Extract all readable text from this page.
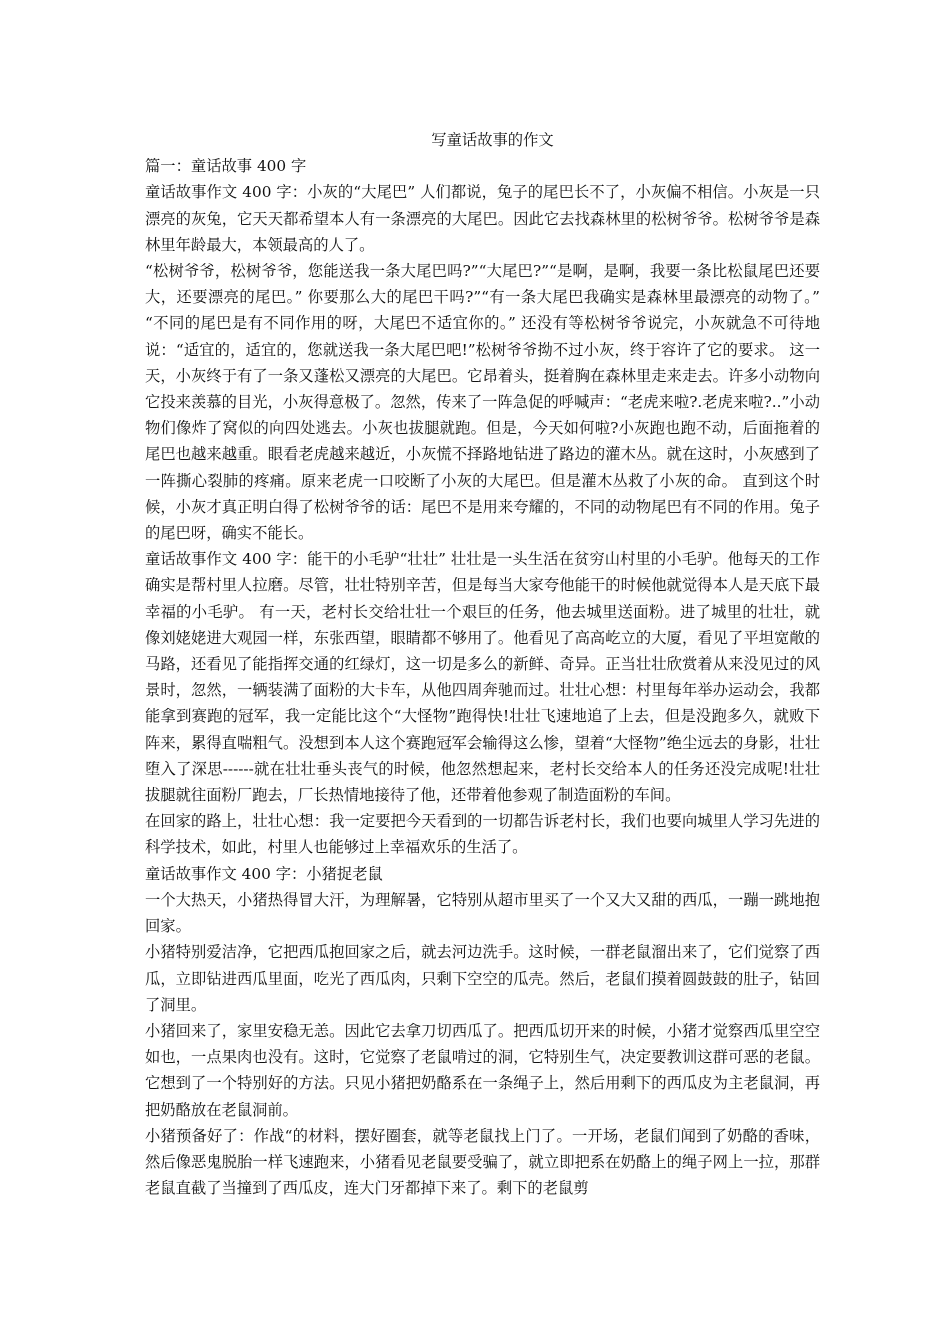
写童话故事的作文

篇一：童话故事 400 字

童话故事作文 400 字：小灰的“大尾巴” 人们都说，兔子的尾巴长不了，小灰偏不相信。小灰是一只漂亮的灰兔，它天天都希望本人有一条漂亮的大尾巴。因此它去找森林里的松树爷爷。松树爷爷是森林里年龄最大，本领最高的人了。

“松树爷爷，松树爷爷，您能送我一条大尾巴吗?”“大尾巴?”“是啊，是啊，我要一条比松鼠尾巴还要大，还要漂亮的尾巴。” 你要那么大的尾巴干吗?”“有一条大尾巴我确实是森林里最漂亮的动物了。” “不同的尾巴是有不同作用的呀，大尾巴不适宜你的。” 还没有等松树爷爷说完，小灰就急不可待地说：“适宜的，适宜的，您就送我一条大尾巴吧!”松树爷爷拗不过小灰，终于容许了它的要求。 这一天，小灰终于有了一条又蓬松又漂亮的大尾巴。它昂着头，挺着胸在森林里走来走去。许多小动物向它投来羡慕的目光，小灰得意极了。忽然，传来了一阵急促的呼喊声：“老虎来啦?.老虎来啦?..”小动物们像炸了窝似的向四处逃去。小灰也拔腿就跑。但是，今天如何啦?小灰跑也跑不动，后面拖着的尾巴也越来越重。眼看老虎越来越近，小灰慌不择路地钻进了路边的灌木丛。就在这时，小灰感到了一阵撕心裂肺的疼痛。原来老虎一口咬断了小灰的大尾巴。但是灌木丛救了小灰的命。 直到这个时候，小灰才真正明白得了松树爷爷的话：尾巴不是用来夸耀的，不同的动物尾巴有不同的作用。兔子的尾巴呀，确实不能长。

童话故事作文 400 字：能干的小毛驴“壮壮” 壮壮是一头生活在贫穷山村里的小毛驴。他每天的工作确实是帮村里人拉磨。尽管，壮壮特别辛苦，但是每当大家夸他能干的时候他就觉得本人是天底下最幸福的小毛驴。 有一天，老村长交给壮壮一个艰巨的任务，他去城里送面粉。进了城里的壮壮，就像刘姥姥进大观园一样，东张西望，眼睛都不够用了。他看见了高高屹立的大厦，看见了平坦宽敞的马路，还看见了能指挥交通的红绿灯，这一切是多么的新鲜、奇异。正当壮壮欣赏着从来没见过的风景时，忽然，一辆装满了面粉的大卡车，从他四周奔驰而过。壮壮心想：村里每年举办运动会，我都能拿到赛跑的冠军，我一定能比这个“大怪物”跑得快!壮壮飞速地追了上去，但是没跑多久，就败下阵来，累得直喘粗气。没想到本人这个赛跑冠军会输得这么惨，望着“大怪物”绝尘远去的身影，壮壮堕入了深思------就在壮壮垂头丧气的时候，他忽然想起来，老村长交给本人的任务还没完成呢!壮壮拔腿就往面粉厂跑去，厂长热情地接待了他，还带着他参观了制造面粉的车间。

在回家的路上，壮壮心想：我一定要把今天看到的一切都告诉老村长，我们也要向城里人学习先进的科学技术，如此，村里人也能够过上幸福欢乐的生活了。

童话故事作文 400 字：小猪捉老鼠

一个大热天，小猪热得冒大汗，为理解暑，它特别从超市里买了一个又大又甜的西瓜，一蹦一跳地抱回家。

小猪特别爱洁净，它把西瓜抱回家之后，就去河边洗手。这时候，一群老鼠溜出来了，它们觉察了西瓜，立即钻进西瓜里面，吃光了西瓜肉，只剩下空空的瓜壳。然后，老鼠们摸着圆鼓鼓的肚子，钻回了洞里。

小猪回来了，家里安稳无恙。因此它去拿刀切西瓜了。把西瓜切开来的时候，小猪才觉察西瓜里空空如也，一点果肉也没有。这时，它觉察了老鼠啃过的洞，它特别生气，决定要教训这群可恶的老鼠。它想到了一个特别好的方法。只见小猪把奶酪系在一条绳子上，然后用剩下的西瓜皮为主老鼠洞，再把奶酪放在老鼠洞前。

小猪预备好了：作战“的材料，摆好圈套，就等老鼠找上门了。一开场，老鼠们闻到了奶酪的香味，然后像恶鬼脱胎一样飞速跑来，小猪看见老鼠要受骗了，就立即把系在奶酪上的绳子网上一拉，那群老鼠直截了当撞到了西瓜皮，连大门牙都掉下来了。剩下的老鼠剪
